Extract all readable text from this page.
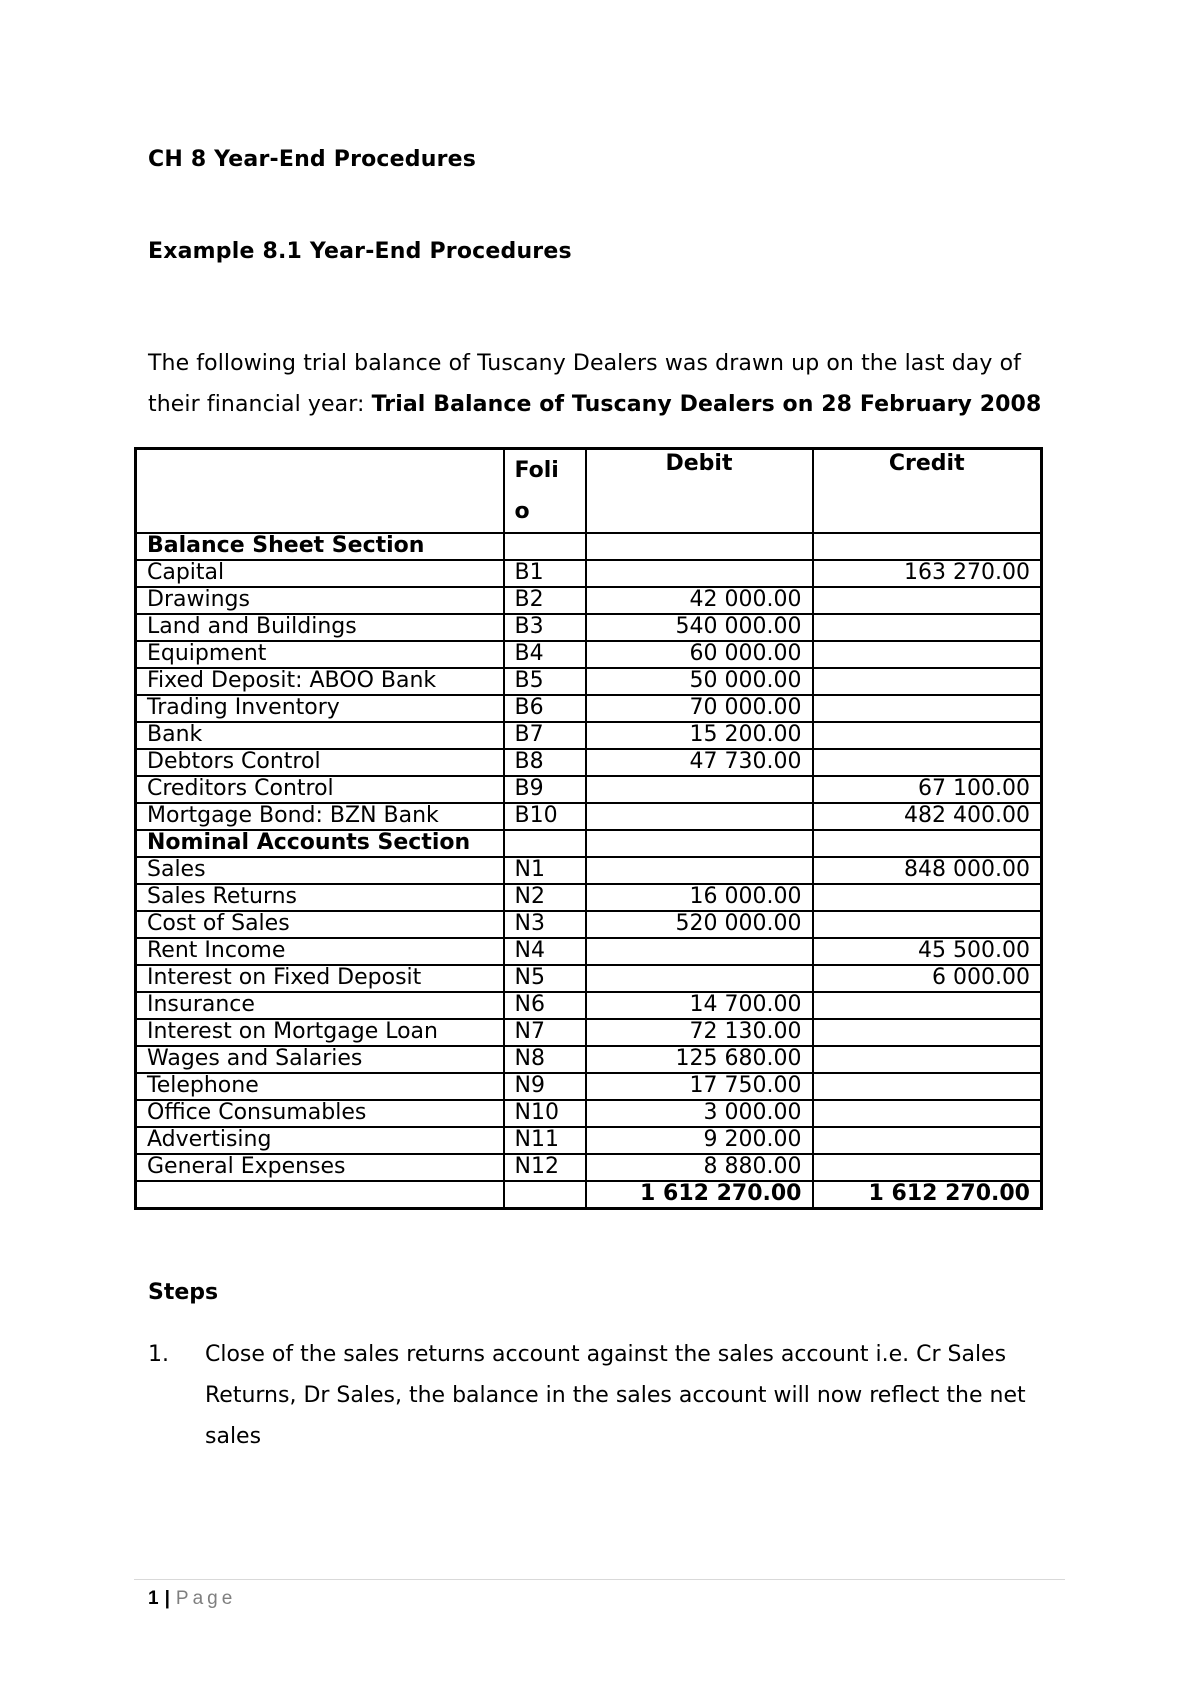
CH 8 Year-End Procedures
Example 8.1 Year-End Procedures
The following trial balance of Tuscany Dealers was drawn up on the last day of
their financial year: Trial Balance of Tuscany Dealers on 28 February 2008
	Foli
o	Debit	Credit
Balance Sheet Section			
Capital	B1		163 270.00
Drawings	B2	42 000.00	
Land and Buildings	B3	540 000.00	
Equipment	B4	60 000.00	
Fixed Deposit: ABOO Bank	B5	50 000.00	
Trading Inventory	B6	70 000.00	
Bank	B7	15 200.00	
Debtors Control	B8	47 730.00	
Creditors Control	B9		67 100.00
Mortgage Bond: BZN Bank	B10		482 400.00
Nominal Accounts Section			
Sales	N1		848 000.00
Sales Returns	N2	16 000.00	
Cost of Sales	N3	520 000.00	
Rent Income	N4		45 500.00
Interest on Fixed Deposit	N5		6 000.00
Insurance	N6	14 700.00	
Interest on Mortgage Loan	N7	72 130.00	
Wages and Salaries	N8	125 680.00	
Telephone	N9	17 750.00	
Office Consumables	N10	3 000.00	
Advertising	N11	9 200.00	
General Expenses	N12	8 880.00	
		1 612 270.00	1 612 270.00
Steps
1. Close of the sales returns account against the sales account i.e. Cr Sales Returns, Dr Sales, the balance in the sales account will now reflect the net sales
1 | Page
